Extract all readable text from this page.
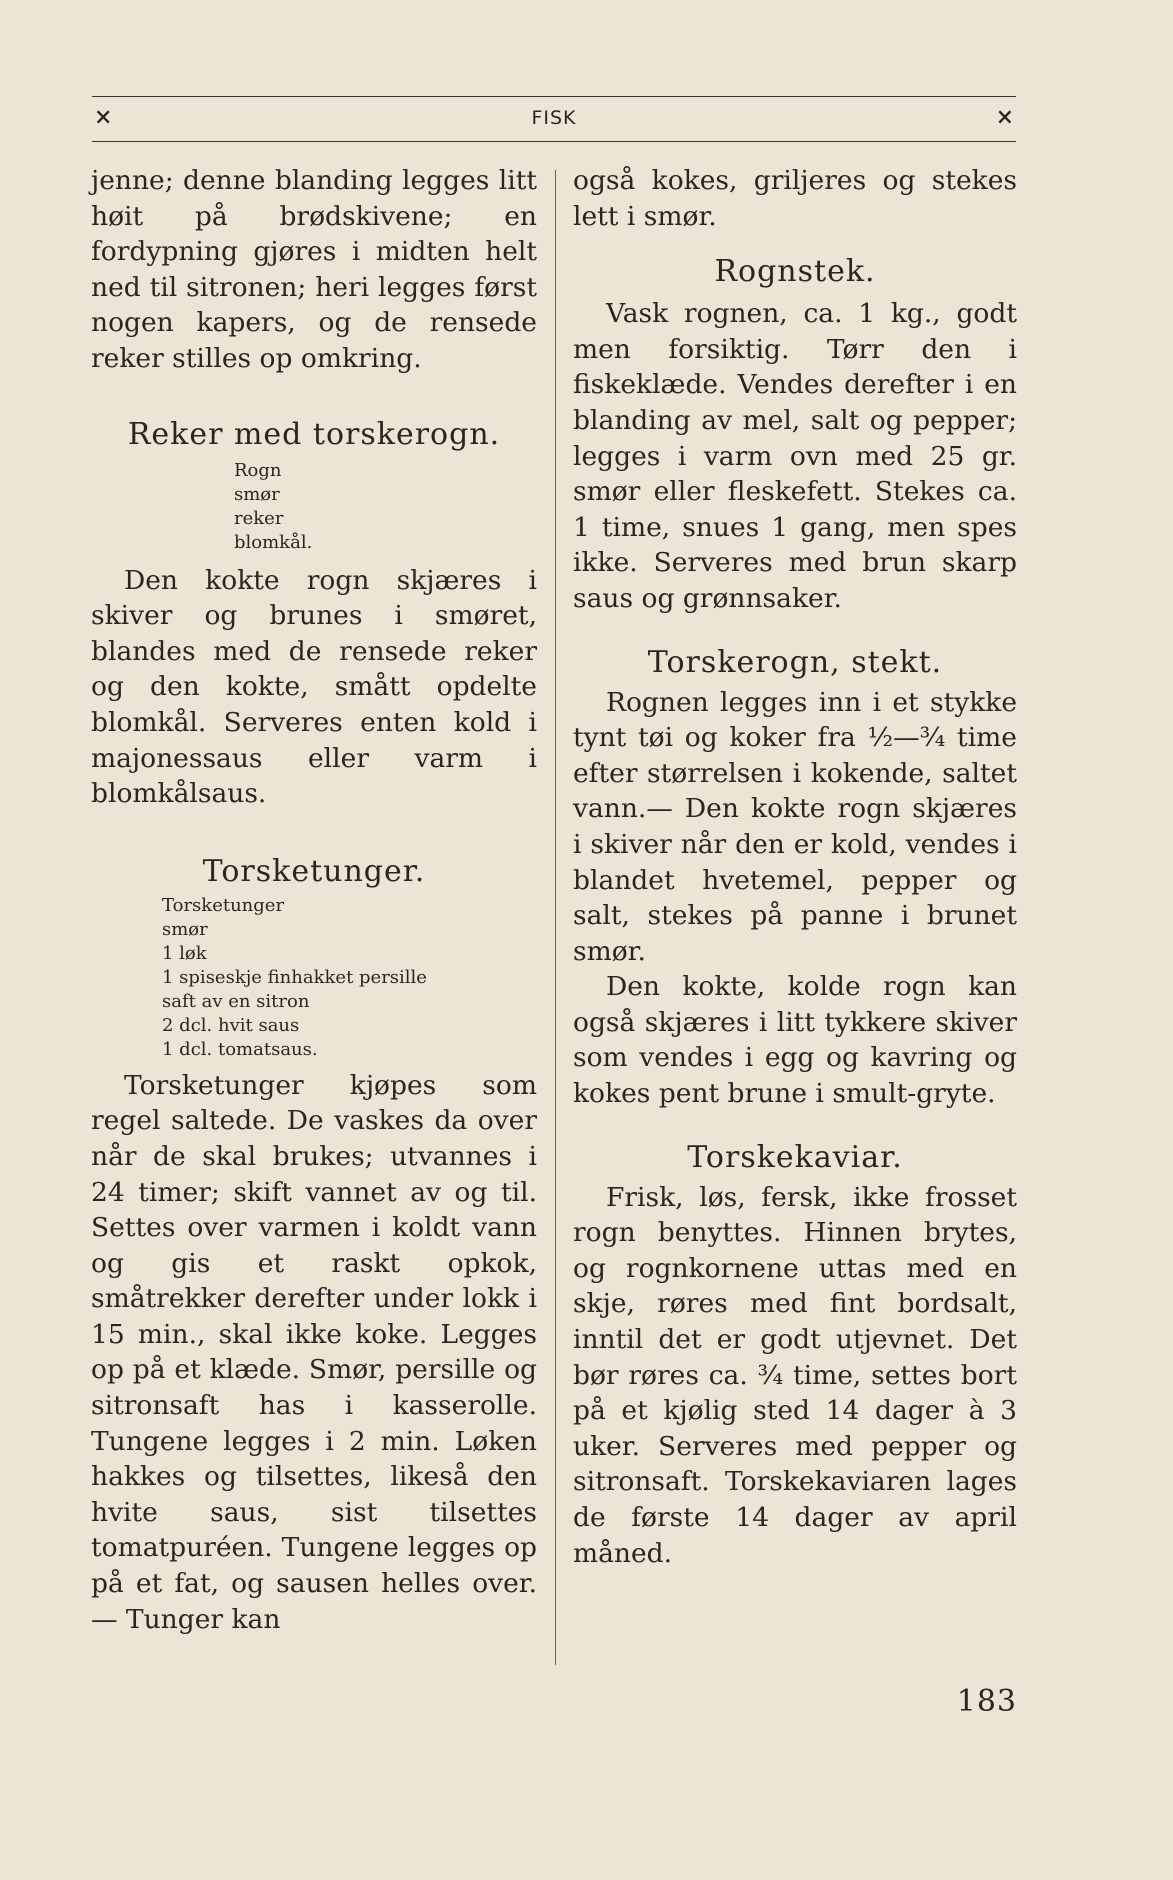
×	FISK	×

jenne; denne blanding legges litt høit på brødskivene; en fordypning gjøres i midten helt ned til sitronen; heri legges først nogen kapers, og de rensede reker stilles op omkring.

Reker med torskerogn.
Rogn
smør
reker
blomkål.

Den kokte rogn skjæres i skiver og brunes i smøret, blandes med de rensede reker og den kokte, smått opdelte blomkål. Serveres enten kold i majonessaus eller varm i blomkålsaus.

Torsketunger.
Torsketunger
smør
1 løk
1 spiseskje finhakket persille
saft av en sitron
2 dcl. hvit saus
1 dcl. tomatsaus.

Torsketunger kjøpes som regel saltede. De vaskes da over når de skal brukes; utvannes i 24 timer; skift vannet av og til. Settes over varmen i koldt vann og gis et raskt opkok, småtrekker derefter under lokk i 15 min., skal ikke koke. Legges op på et klæde. Smør, persille og sitronsaft has i kasserolle. Tungene legges i 2 min. Løken hakkes og tilsettes, likeså den hvite saus, sist tilsettes tomatpuréen. Tungene legges op på et fat, og sausen helles over. — Tunger kan

også kokes, griljeres og stekes lett i smør.

Rognstek.

Vask rognen, ca. 1 kg., godt men forsiktig. Tørr den i fiskeklæde. Vendes derefter i en blanding av mel, salt og pepper; legges i varm ovn med 25 gr. smør eller fleskefett. Stekes ca. 1 time, snues 1 gang, men spes ikke. Serveres med brun skarp saus og grønnsaker.

Torskerogn, stekt.

Rognen legges inn i et stykke tynt tøi og koker fra ½—¾ time efter størrelsen i kokende, saltet vann.— Den kokte rogn skjæres i skiver når den er kold, vendes i blandet hvetemel, pepper og salt, stekes på panne i brunet smør.

Den kokte, kolde rogn kan også skjæres i litt tykkere skiver som vendes i egg og kavring og kokes pent brune i smult-gryte.

Torskekaviar.

Frisk, løs, fersk, ikke frosset rogn benyttes. Hinnen brytes, og rognkornene uttas med en skje, røres med fint bordsalt, inntil det er godt utjevnet. Det bør røres ca. ¾ time, settes bort på et kjølig sted 14 dager à 3 uker. Serveres med pepper og sitronsaft. Torskekaviaren lages de første 14 dager av april måned.

183
